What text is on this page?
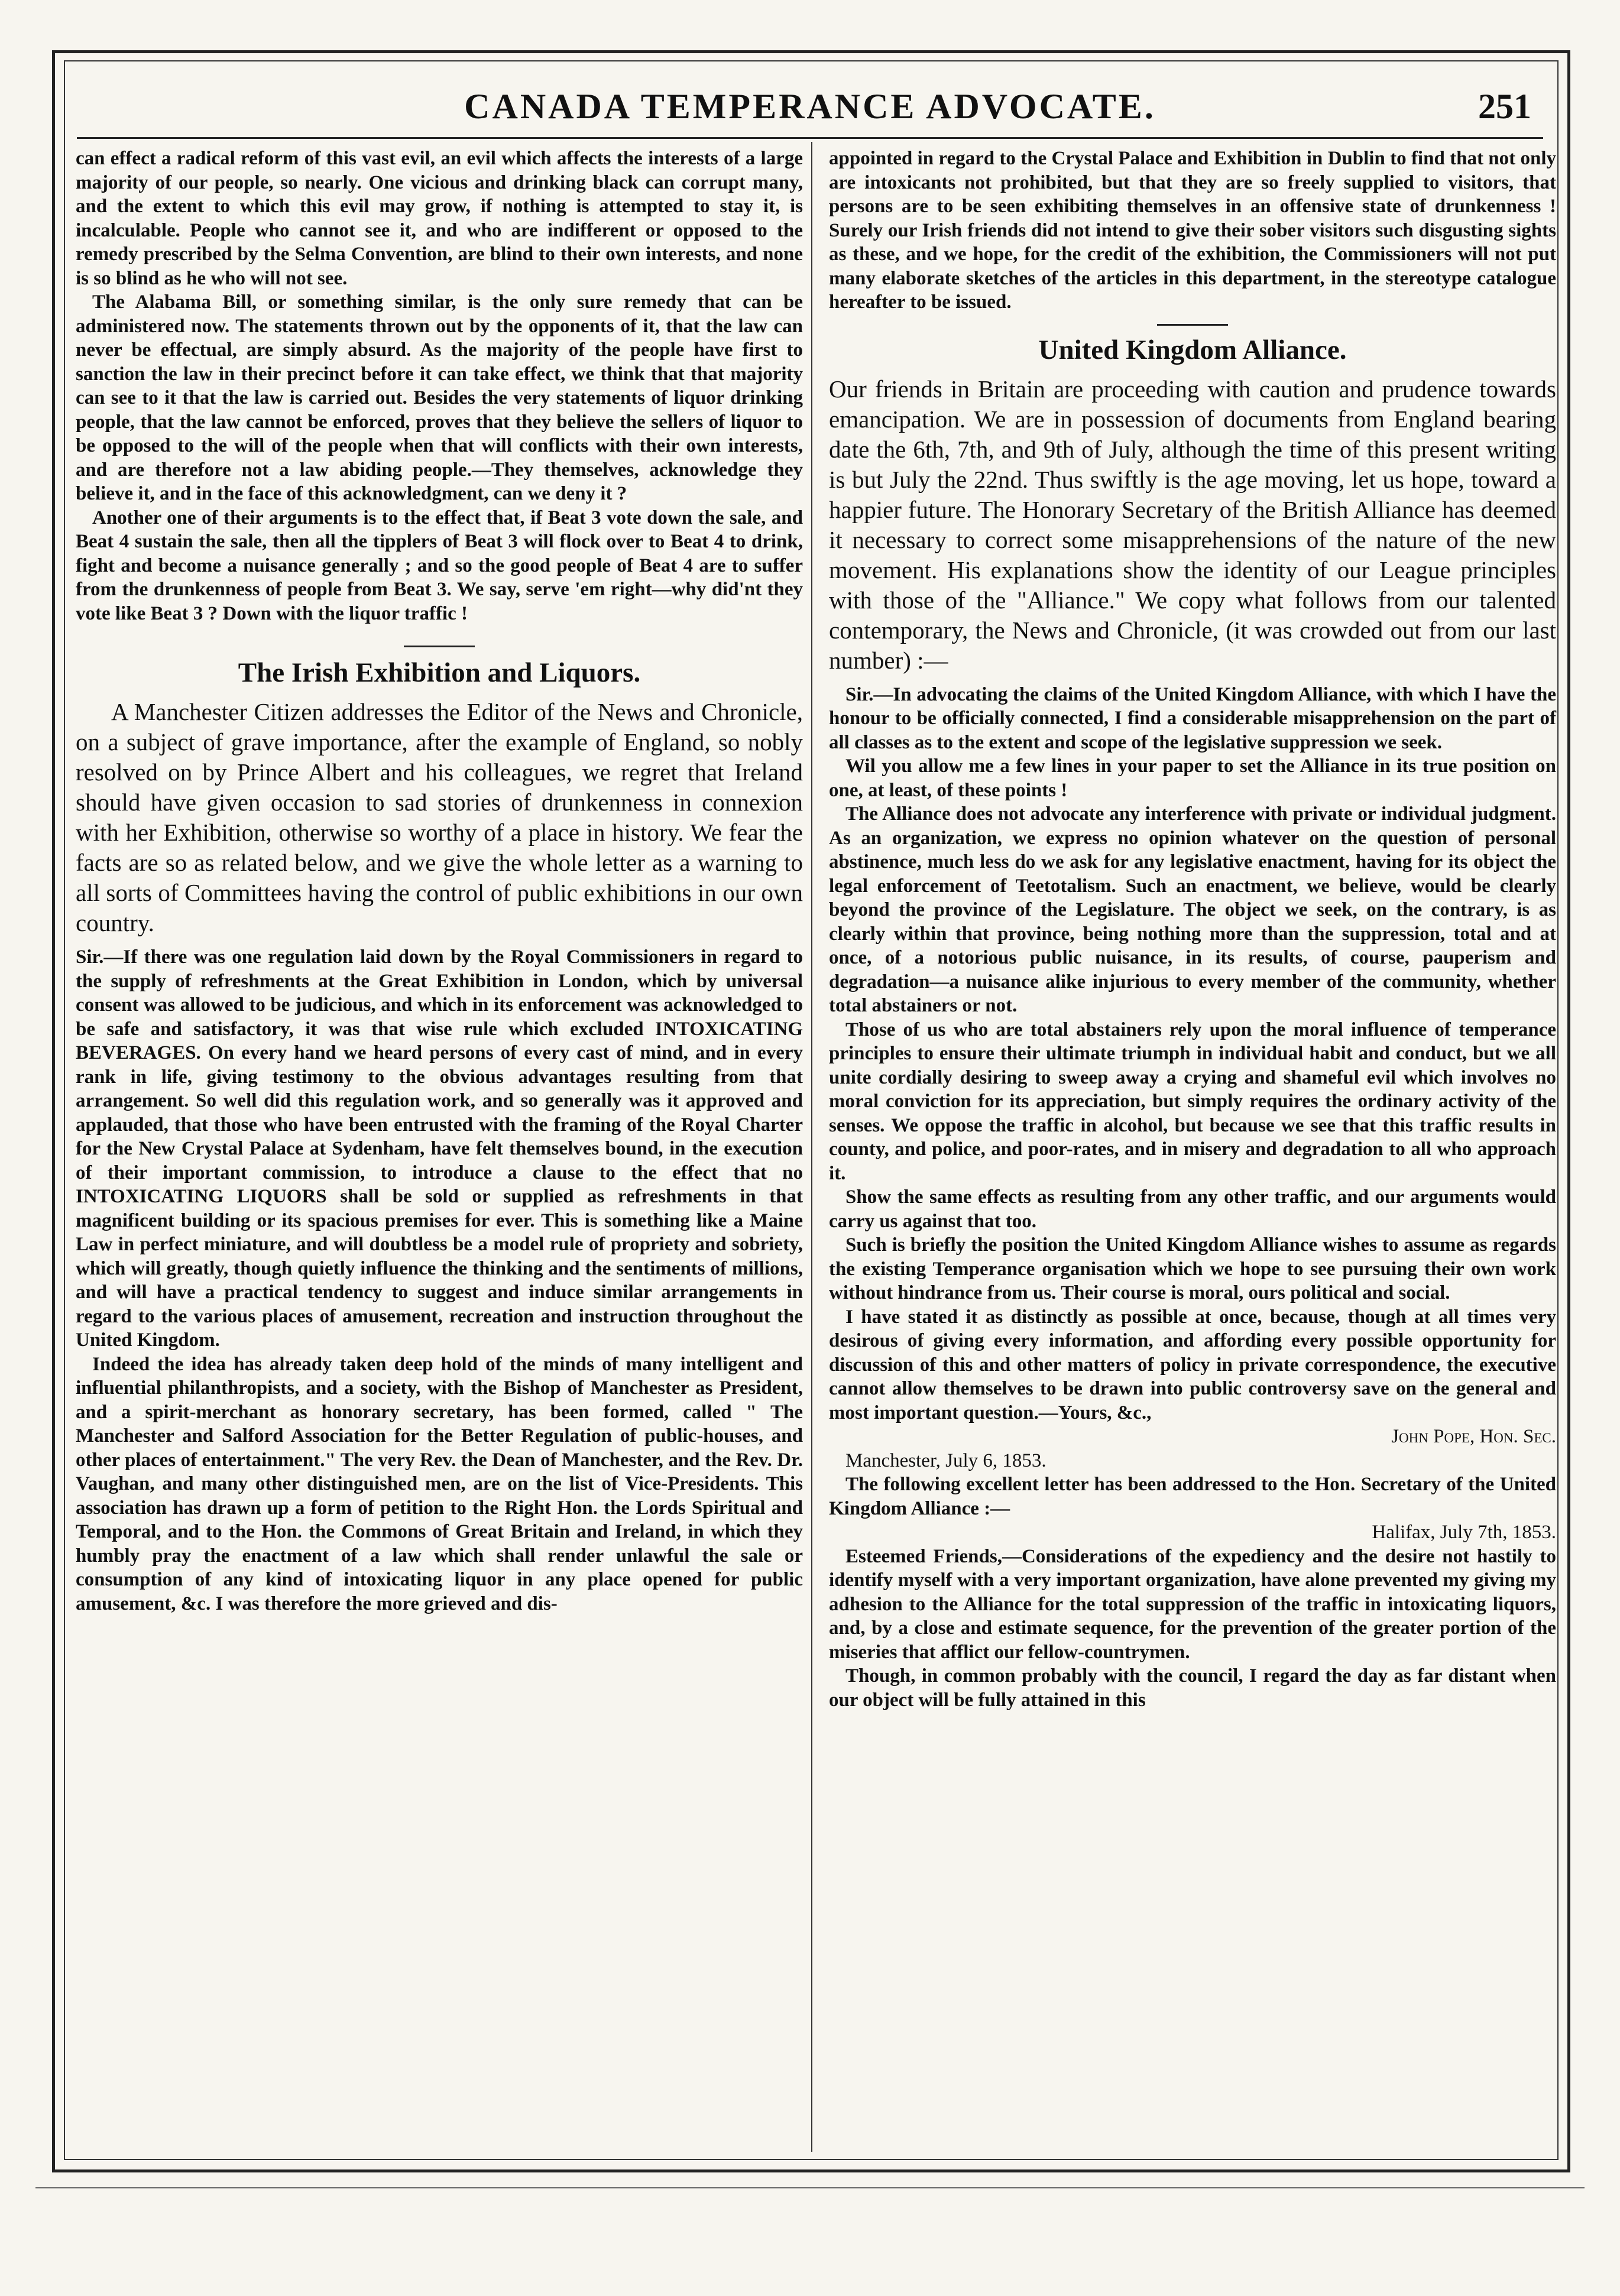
CANADA TEMPERANCE ADVOCATE.	251

can effect a radical reform of this vast evil, an evil which affects the interests of a large majority of our people, so nearly. One vicious and drinking black can corrupt many, and the extent to which this evil may grow, if nothing is attempted to stay it, is incalculable. People who cannot see it, and who are indifferent or opposed to the remedy prescribed by the Selma Convention, are blind to their own interests, and none is so blind as he who will not see.

The Alabama Bill, or something similar, is the only sure remedy that can be administered now. The statements thrown out by the opponents of it, that the law can never be effectual, are simply absurd. As the majority of the people have first to sanction the law in their precinct before it can take effect, we think that that majority can see to it that the law is carried out. Besides the very statements of liquor drinking people, that the law cannot be enforced, proves that they believe the sellers of liquor to be opposed to the will of the people when that will conflicts with their own interests, and are therefore not a law abiding people.—They themselves, acknowledge they believe it, and in the face of this acknowledgment, can we deny it ?

Another one of their arguments is to the effect that, if Beat 3 vote down the sale, and Beat 4 sustain the sale, then all the tipplers of Beat 3 will flock over to Beat 4 to drink, fight and become a nuisance generally ; and so the good people of Beat 4 are to suffer from the drunkenness of people from Beat 3. We say, serve 'em right—why did'nt they vote like Beat 3 ? Down with the liquor traffic !

The Irish Exhibition and Liquors.

A Manchester Citizen addresses the Editor of the News and Chronicle, on a subject of grave importance, after the example of England, so nobly resolved on by Prince Albert and his colleagues, we regret that Ireland should have given occasion to sad stories of drunkenness in connexion with her Exhibition, otherwise so worthy of a place in history. We fear the facts are so as related below, and we give the whole letter as a warning to all sorts of Committees having the control of public exhibitions in our own country.

Sir.—If there was one regulation laid down by the Royal Commissioners in regard to the supply of refreshments at the Great Exhibition in London, which by universal consent was allowed to be judicious, and which in its enforcement was acknowledged to be safe and satisfactory, it was that wise rule which excluded INTOXICATING BEVERAGES. On every hand we heard persons of every cast of mind, and in every rank in life, giving testimony to the obvious advantages resulting from that arrangement. So well did this regulation work, and so generally was it approved and applauded, that those who have been entrusted with the framing of the Royal Charter for the New Crystal Palace at Sydenham, have felt themselves bound, in the execution of their important commission, to introduce a clause to the effect that no INTOXICATING LIQUORS shall be sold or supplied as refreshments in that magnificent building or its spacious premises for ever. This is something like a Maine Law in perfect miniature, and will doubtless be a model rule of propriety and sobriety, which will greatly, though quietly influence the thinking and the sentiments of millions, and will have a practical tendency to suggest and induce similar arrangements in regard to the various places of amusement, recreation and instruction throughout the United Kingdom.

Indeed the idea has already taken deep hold of the minds of many intelligent and influential philanthropists, and a society, with the Bishop of Manchester as President, and a spirit-merchant as honorary secretary, has been formed, called " The Manchester and Salford Association for the Better Regulation of public-houses, and other places of entertainment." The very Rev. the Dean of Manchester, and the Rev. Dr. Vaughan, and many other distinguished men, are on the list of Vice-Presidents. This association has drawn up a form of petition to the Right Hon. the Lords Spiritual and Temporal, and to the Hon. the Commons of Great Britain and Ireland, in which they humbly pray the enactment of a law which shall render unlawful the sale or consumption of any kind of intoxicating liquor in any place opened for public amusement, &c. I was therefore the more grieved and dis-

appointed in regard to the Crystal Palace and Exhibition in Dublin to find that not only are intoxicants not prohibited, but that they are so freely supplied to visitors, that persons are to be seen exhibiting themselves in an offensive state of drunkenness ! Surely our Irish friends did not intend to give their sober visitors such disgusting sights as these, and we hope, for the credit of the exhibition, the Commissioners will not put many elaborate sketches of the articles in this department, in the stereotype catalogue hereafter to be issued.

United Kingdom Alliance.

Our friends in Britain are proceeding with caution and prudence towards emancipation. We are in possession of documents from England bearing date the 6th, 7th, and 9th of July, although the time of this present writing is but July the 22nd. Thus swiftly is the age moving, let us hope, toward a happier future. The Honorary Secretary of the British Alliance has deemed it necessary to correct some misapprehensions of the nature of the new movement. His explanations show the identity of our League principles with those of the "Alliance." We copy what follows from our talented contemporary, the News and Chronicle, (it was crowded out from our last number) :—

Sir.—In advocating the claims of the United Kingdom Alliance, with which I have the honour to be officially connected, I find a considerable misapprehension on the part of all classes as to the extent and scope of the legislative suppression we seek.

Wil you allow me a few lines in your paper to set the Alliance in its true position on one, at least, of these points !

The Alliance does not advocate any interference with private or individual judgment. As an organization, we express no opinion whatever on the question of personal abstinence, much less do we ask for any legislative enactment, having for its object the legal enforcement of Teetotalism. Such an enactment, we believe, would be clearly beyond the province of the Legislature. The object we seek, on the contrary, is as clearly within that province, being nothing more than the suppression, total and at once, of a notorious public nuisance, in its results, of course, pauperism and degradation—a nuisance alike injurious to every member of the community, whether total abstainers or not.

Those of us who are total abstainers rely upon the moral influence of temperance principles to ensure their ultimate triumph in individual habit and conduct, but we all unite cordially desiring to sweep away a crying and shameful evil which involves no moral conviction for its appreciation, but simply requires the ordinary activity of the senses. We oppose the traffic in alcohol, but because we see that this traffic results in county, and police, and poor-rates, and in misery and degradation to all who approach it.

Show the same effects as resulting from any other traffic, and our arguments would carry us against that too.

Such is briefly the position the United Kingdom Alliance wishes to assume as regards the existing Temperance organisation which we hope to see pursuing their own work without hindrance from us. Their course is moral, ours political and social.

I have stated it as distinctly as possible at once, because, though at all times very desirous of giving every information, and affording every possible opportunity for discussion of this and other matters of policy in private correspondence, the executive cannot allow themselves to be drawn into public controversy save on the general and most important question.—Yours, &c.,

John Pope, Hon. Sec.

Manchester, July 6, 1853.

The following excellent letter has been addressed to the Hon. Secretary of the United Kingdom Alliance :—

Halifax, July 7th, 1853.

Esteemed Friends,—Considerations of the expediency and the desire not hastily to identify myself with a very important organization, have alone prevented my giving my adhesion to the Alliance for the total suppression of the traffic in intoxicating liquors, and, by a close and estimate sequence, for the prevention of the greater portion of the miseries that afflict our fellow-countrymen.

Though, in common probably with the council, I regard the day as far distant when our object will be fully attained in this
